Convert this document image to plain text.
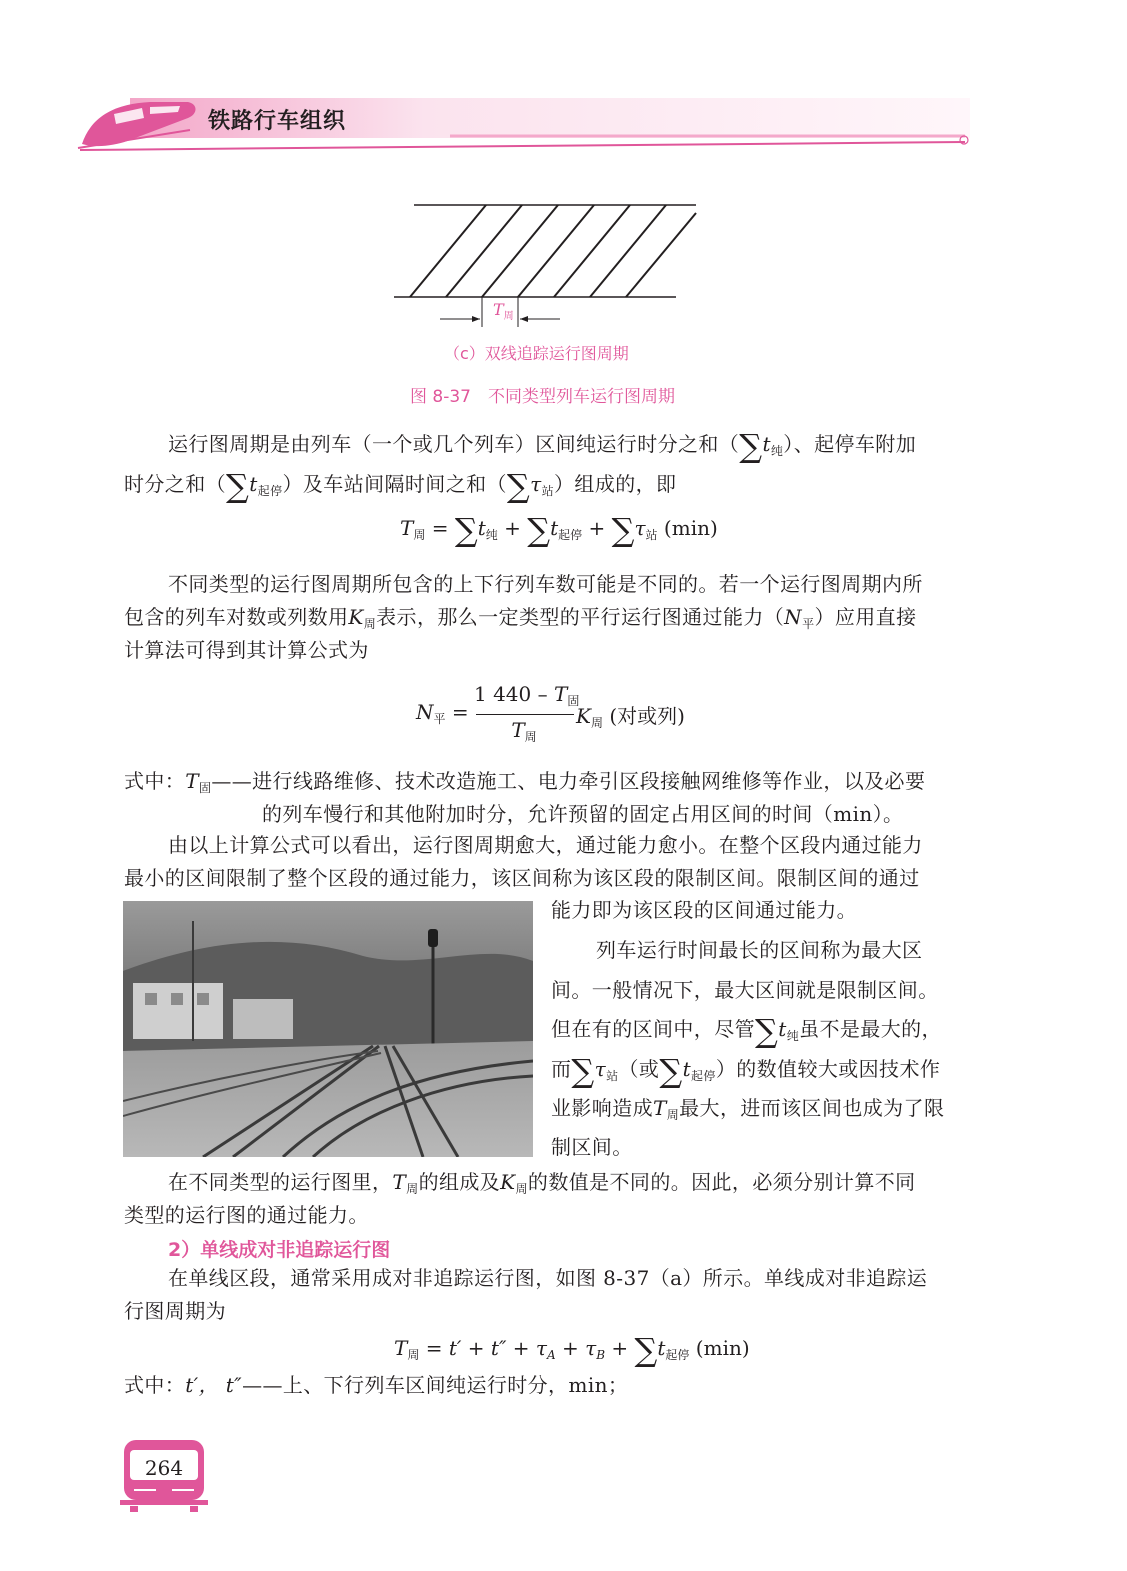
铁路行车组织
$T_周$
（c）双线追踪运行图周期
图 8-37　不同类型列车运行图周期
运行图周期是由列车（一个或几个列车）区间纯运行时分之和$(\sum t_纯)$、起停车附加

时分之和$(\sum t_{起停})$及车站间隔时间之和$(\sum\tau_站)$组成的，即
$T_周 = \sum t_纯 + \sum t_{起停} + \sum\tau_站$ (min)
不同类型的运行图周期所包含的上下行列车数可能是不同的。若一个运行图周期内所
包含的列车对数或列数用$K_周$表示，那么一定类型的平行运行图通过能力$(N_平)$应用直接
计算法可得到其计算公式为
$N_平$ =
1 $440 - T_固$
$T_周$
$K_周$ (对或列)
式中：$T_固——$进行线路维修、技术改造施工、电力牵引区段接触网维修等作业，以及必要
的列车慢行和其他附加时分，允许预留的固定占用区间的时间（min）。
由以上计算公式可以看出，运行图周期愈大，通过能力愈小。在整个区段内通过能力
最小的区间限制了整个区段的通过能力，该区间称为该区段的限制区间。限制区间的通过
能力即为该区段的区间通过能力。
列车运行时间最长的区间称为最大区
间。一般情况下，最大区间就是限制区间。
但在有的区间中，尽管$\sum t_纯$虽不是最大的，
而$\sum\tau_站$（或$\sum t_{起停}$）的数值较大或因技术作
业影响造成$T_周$最大，进而该区间也成为了限
制区间。
在不同类型的运行图里，$T_周$的组成及$K_周$的数值是不同的。因此，必须分别计算不同
类型的运行图的通过能力。
2）单线成对非追踪运行图
在单线区段，通常采用成对非追踪运行图，如图 8-37（a）所示。单线成对非追踪运
行图周期为
$T_周 = t' + t'' + \tau_A + \tau_B + \sum t_{起停}$ (min)
式中：t′， t″——上、下行列车区间纯运行时分，min；
264
